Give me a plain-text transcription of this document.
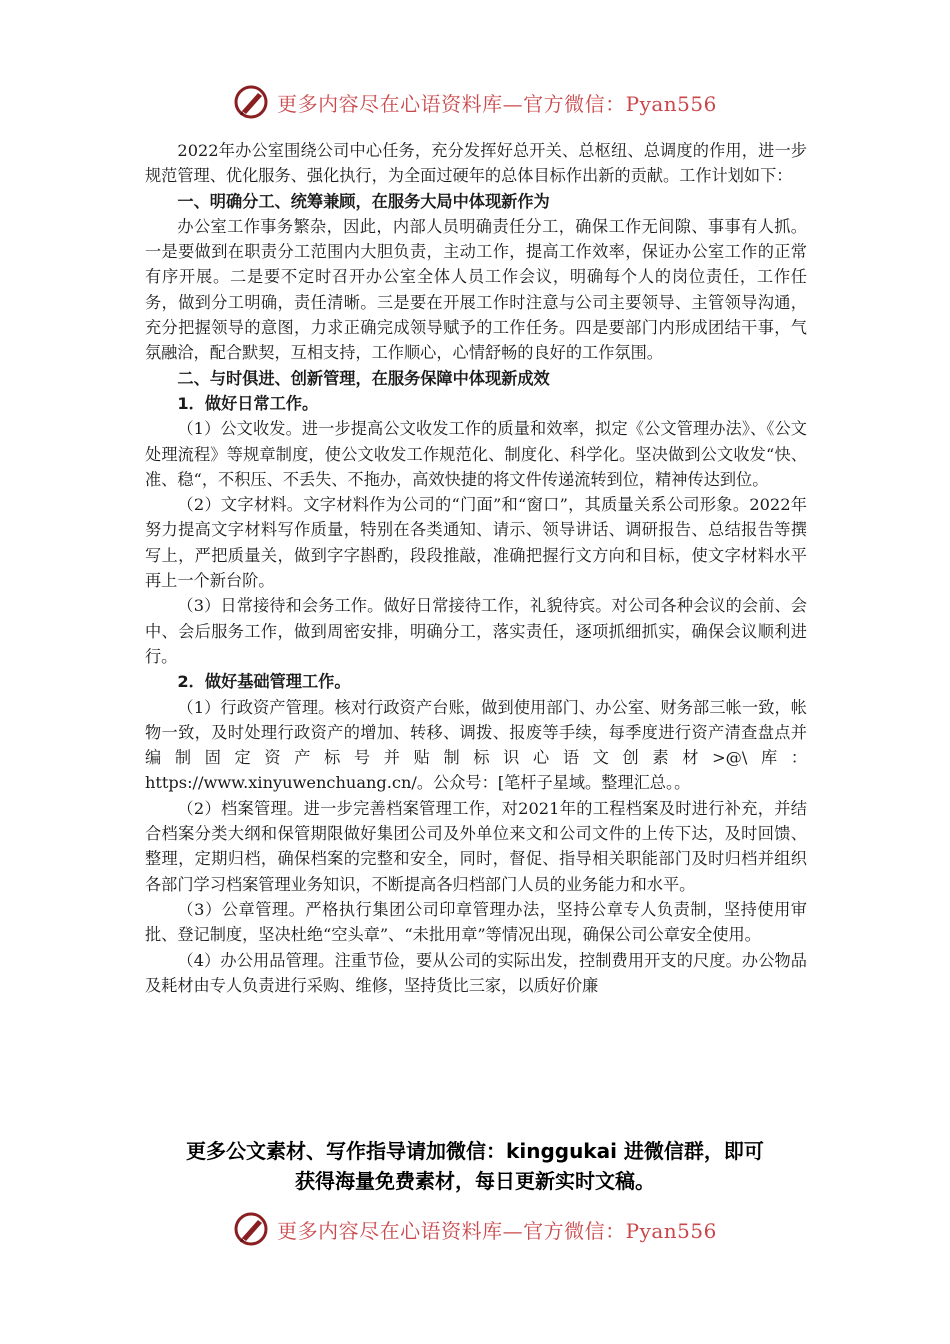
更多内容尽在心语资料库—官方微信：Pyan556

2022年办公室围绕公司中心任务，充分发挥好总开关、总枢纽、总调度的作用，进一步规范管理、优化服务、强化执行，为全面过硬年的总体目标作出新的贡献。工作计划如下：

一、明确分工、统筹兼顾，在服务大局中体现新作为

办公室工作事务繁杂，因此，内部人员明确责任分工，确保工作无间隙、事事有人抓。一是要做到在职责分工范围内大胆负责，主动工作，提高工作效率，保证办公室工作的正常有序开展。二是要不定时召开办公室全体人员工作会议，明确每个人的岗位责任，工作任务，做到分工明确，责任清晰。三是要在开展工作时注意与公司主要领导、主管领导沟通，充分把握领导的意图，力求正确完成领导赋予的工作任务。四是要部门内形成团结干事，气氛融洽，配合默契，互相支持，工作顺心，心情舒畅的良好的工作氛围。

二、与时俱进、创新管理，在服务保障中体现新成效

1．做好日常工作。

（1）公文收发。进一步提高公文收发工作的质量和效率，拟定《公文管理办法》、《公文处理流程》等规章制度，使公文收发工作规范化、制度化、科学化。坚决做到公文收发“快、准、稳“，不积压、不丢失、不拖办，高效快捷的将文件传递流转到位，精神传达到位。

（2）文字材料。文字材料作为公司的“门面”和“窗口”，其质量关系公司形象。2022年努力提高文字材料写作质量，特别在各类通知、请示、领导讲话、调研报告、总结报告等撰写上，严把质量关，做到字字斟酌，段段推敲，准确把握行文方向和目标，使文字材料水平再上一个新台阶。

（3）日常接待和会务工作。做好日常接待工作，礼貌待宾。对公司各种会议的会前、会中、会后服务工作，做到周密安排，明确分工，落实责任，逐项抓细抓实，确保会议顺利进行。

2．做好基础管理工作。

（1）行政资产管理。核对行政资产台账，做到使用部门、办公室、财务部三帐一致，帐物一致，及时处理行政资产的增加、转移、调拨、报废等手续，每季度进行资产清查盘点并编制固定资产标号并贴制标识心语文创素材>@\库：https://www.xinyuwenchuang.cn/。公众号：[笔杆子星域。整理汇总。。

（2）档案管理。进一步完善档案管理工作，对2021年的工程档案及时进行补充，并结合档案分类大纲和保管期限做好集团公司及外单位来文和公司文件的上传下达，及时回馈、整理，定期归档，确保档案的完整和安全，同时，督促、指导相关职能部门及时归档并组织各部门学习档案管理业务知识，不断提高各归档部门人员的业务能力和水平。

（3）公章管理。严格执行集团公司印章管理办法，坚持公章专人负责制，坚持使用审批、登记制度，坚决杜绝“空头章”、“未批用章”等情况出现，确保公司公章安全使用。

（4）办公用品管理。注重节俭，要从公司的实际出发，控制费用开支的尺度。办公物品及耗材由专人负责进行采购、维修，坚持货比三家，以质好价廉

更多公文素材、写作指导请加微信：kinggukai 进微信群，即可
获得海量免费素材，每日更新实时文稿。
更多内容尽在心语资料库—官方微信：Pyan556
